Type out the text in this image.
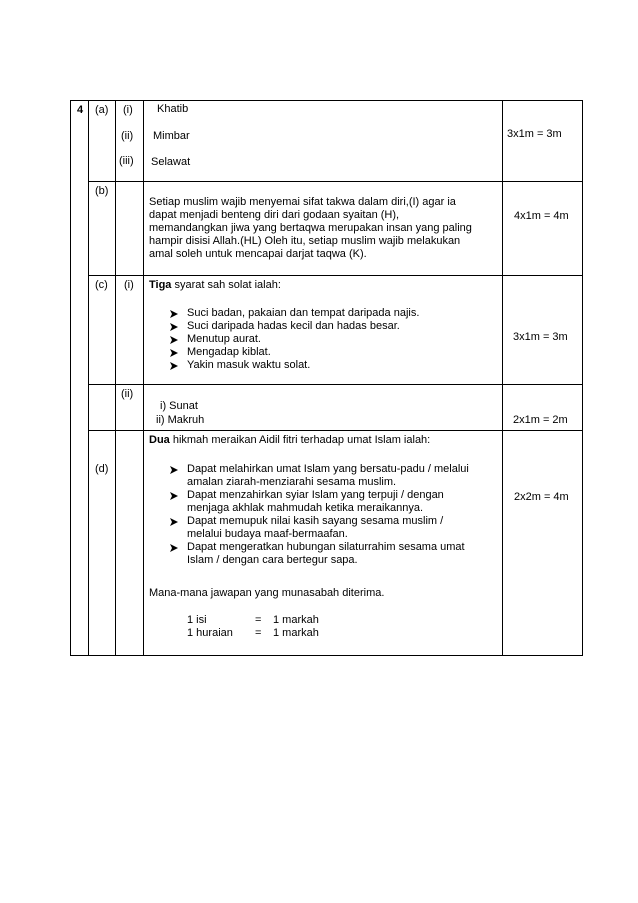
4 (a) (i)
(ii)
(iii)
Khatib
Mimbar
Selawat
3x1m = 3m
(b)
Setiap muslim wajib menyemai sifat takwa dalam diri,(I) agar ia
dapat menjadi benteng diri dari godaan syaitan (H),
memandangkan jiwa yang bertaqwa merupakan insan yang paling
hampir disisi Allah.(HL) Oleh itu, setiap muslim wajib melakukan
amal soleh untuk mencapai darjat taqwa (K).
4x1m = 4m
(c) (i) Tiga syarat sah solat ialah:
Suci badan, pakaian dan tempat daripada najis.
Suci daripada hadas kecil dan hadas besar.
Menutup aurat.
Mengadap kiblat.
Yakin masuk waktu solat.
3x1m = 3m
(ii)
i) Sunat
ii) Makruh	2x1m = 2m
(d)
Dua hikmah meraikan Aidil fitri terhadap umat Islam ialah:
Dapat melahirkan umat Islam yang bersatu-padu / melalui
amalan ziarah-menziarahi sesama muslim.
Dapat menzahirkan syiar Islam yang terpuji / dengan
menjaga akhlak mahmudah ketika meraikannya.
Dapat memupuk nilai kasih sayang sesama muslim /
melalui budaya maaf-bermaafan.
Dapat mengeratkan hubungan silaturrahim sesama umat
Islam / dengan cara bertegur sapa.
Mana-mana jawapan yang munasabah diterima.
1 isi	= 1 markah
1 huraian = 1 markah
2x2m = 4m
